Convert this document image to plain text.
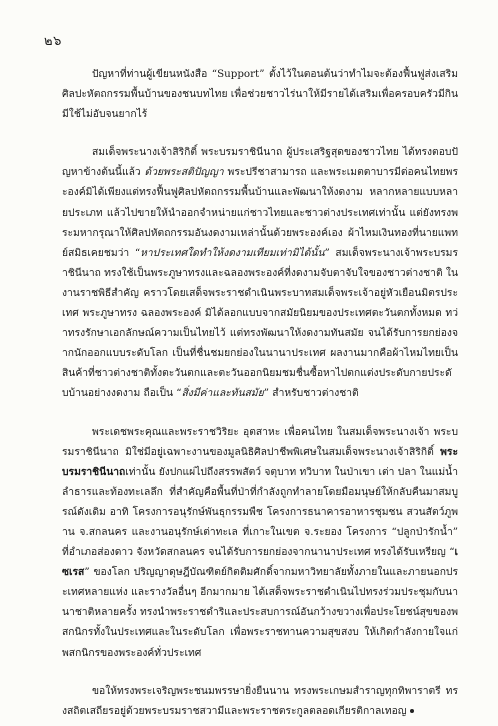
๒๖

ปัญหาที่ท่านผู้เขียนหนังสือ “Support” ตั้งไว้ในตอนต้นว่าทำไมจะต้องฟื้นฟูส่งเสริมศิลปะหัตถกรรมพื้นบ้านของชนบทไทย เพื่อช่วยชาวไร่นาให้มีรายได้เสริมเพื่อครอบครัวมีกินมีใช้ไม่อับจนยากไร้

สมเด็จพระนางเจ้าสิริกิติ์ พระบรมราชินีนาถ ผู้ประเสริฐสุดของชาวไทย ได้ทรงตอบปัญหาข้างต้นนี้แล้ว ด้วยพระสติปัญญา พระปรีชาสามารถ และพระเมตตาบารมีต่อคนไทยพระองค์มิได้เพียงแต่ทรงฟื้นฟูศิลปหัตถกรรมพื้นบ้านและพัฒนาให้งดงาม หลากหลายแบบหลายประเภท แล้วไปขายให้นำออกจำหน่ายแก่ชาวไทยและชาวต่างประเทศเท่านั้น แต่ยังทรงพระมหากรุณาให้ศิลปหัตถกรรมอันงดงามเหล่านั้นด้วยพระองค์เอง ผ้าไหมเงินทองที่นายแพทย์สมิธเคยชมว่า “หาประเทศใดทำให้งดงามเทียมเท่ามิได้นั้น” สมเด็จพระนางเจ้าพระบรมราชินีนาถ ทรงใช้เป็นพระภูษาทรงและฉลองพระองค์ที่งดงามจับตาจับใจของชาวต่างชาติ ในงานราชพิธีสำคัญ คราวโดยเสด็จพระราชดำเนินพระบาทสมเด็จพระเจ้าอยู่หัวเยือนมิตรประเทศ พระภูษาทรง ฉลองพระองค์ มิได้ลอกแบบจากสมัยนิยมของประเทศตะวันตกทั้งหมด ทว่าทรงรักษาเอกลักษณ์ความเป็นไทยไว้ แต่ทรงพัฒนาให้งดงามทันสมัย จนได้รับการยกย่องจากนักออกแบบระดับโลก เป็นที่ชื่นชมยกย่องในนานาประเทศ ผลงานมากคือผ้าไหมไทยเป็นสินค้าที่ชาวต่างชาติทั้งตะวันตกและตะวันออกนิยมชมชื่นซื้อหาไปตกแต่งประดับกายประดับบ้านอย่างงดงาม ถือเป็น “สิ่งมีค่าและทันสมัย” สำหรับชาวต่างชาติ

พระเดชพระคุณและพระราชวิริยะ อุตสาหะ เพื่อคนไทย ในสมเด็จพระนางเจ้า พระบรมราชินีนาถ มิใช่มีอยู่เฉพาะงานของมูลนิธิศิลปาชีพพิเศษในสมเด็จพระนางเจ้าสิริกิติ์ พระบรมราชินีนาถเท่านั้น ยังปกแผ่ไปถึงสรรพสัตว์ จตุบาท ทวิบาท ในป่าเขา เต่า ปลา ในแม่น้ำลำธารและท้องทะเลลึก ที่สำคัญคือพื้นที่ป่าที่กำลังถูกทำลายโดยมือมนุษย์ให้กลับคืนมาสมบูรณ์ดังเดิม อาทิ โครงการอนุรักษ์พันธุกรรมพืช โครงการธนาคารอาหารชุมชน สวนสัตว์ภูพาน จ.สกลนคร และงานอนุรักษ์เต่าทะเล ที่เกาะในเขต จ.ระยอง โครงการ “ปลูกป่ารักน้ำ” ที่อำเภอส่องดาว จังหวัดสกลนคร จนได้รับการยกย่องจากนานาประเทศ ทรงได้รับเหรียญ “เซเรส” ของโลก ปริญญาดุษฎีบัณฑิตย์กิตติมศักดิ์จากมหาวิทยาลัยทั้งภายในและภายนอกประเทศหลายแห่ง และรางวัลอื่นๆ อีกมากมาย ได้เสด็จพระราชดำเนินไปทรงร่วมประชุมกับนานาชาติหลายครั้ง ทรงนำพระราชดำริและประสบการณ์อันกว้างขวางเพื่อประโยชน์สุขของพสกนิกรทั้งในประเทศและในระดับโลก เพื่อพระราชทานความสุขสงบ ให้เกิดกำลังกายใจแก่พสกนิกรของพระองค์ทั่วประเทศ

ขอให้ทรงพระเจริญพระชนมพรรษายิ่งยืนนาน ทรงพระเกษมสำราญทุกทิพาราตรี ทรงสถิตเสถียรอยู่ด้วยพระบรมราชสวามีและพระราชตระกูลตลอดเกียรติกาลเทอญ
